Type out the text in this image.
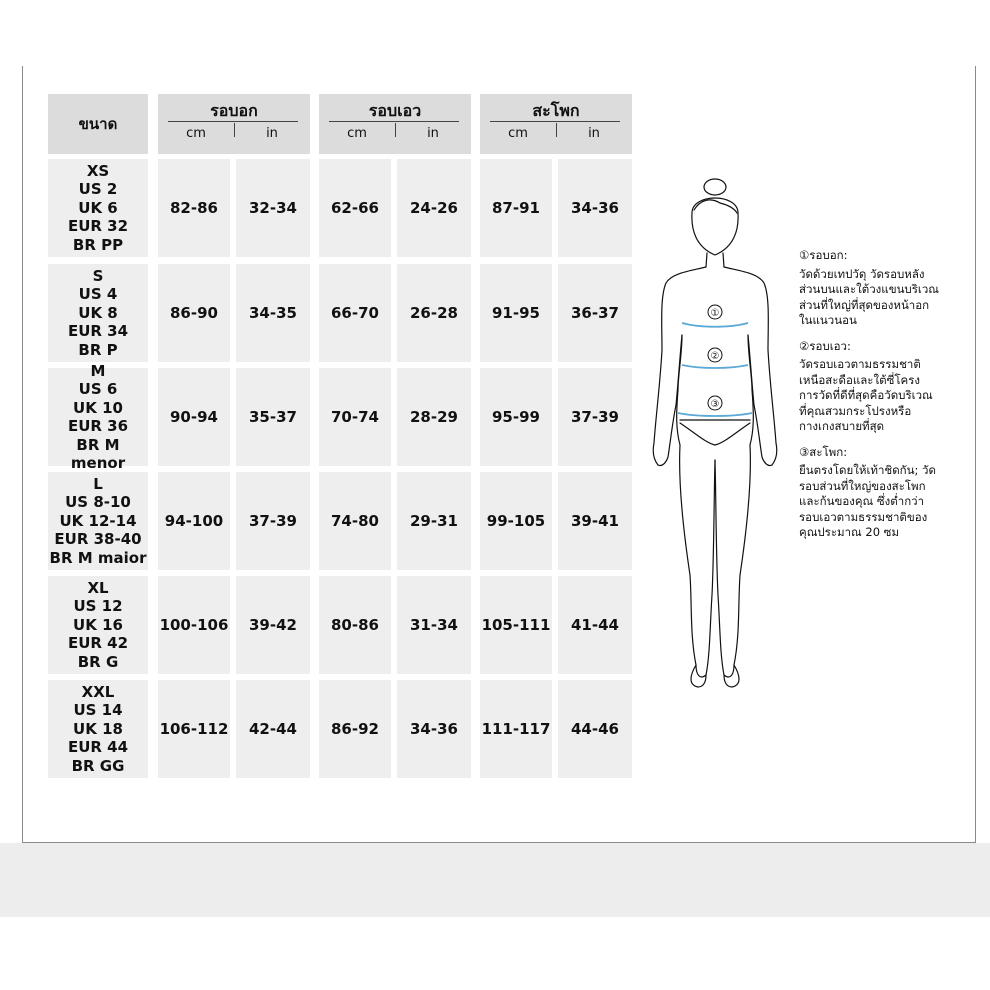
ขนาด
รอบอก
cm	in
รอบเอว
cm	in
สะโพก
cm	in
XS
US 2
UK 6
EUR 32
BR PP
82-86 32-34 62-66 24-26 87-91 34-36
S
US 4
UK 8
EUR 34
BR P
86-90 34-35 66-70 26-28 91-95 36-37
M
US 6
UK 10
EUR 36
BR M menor
90-94 35-37 70-74 28-29 95-99 37-39
L
US 8-10
UK 12-14
EUR 38-40
BR M maior
94-100 37-39 74-80 29-31 99-105 39-41
XL
US 12
UK 16
EUR 42
BR G
100-106 39-42 80-86 31-34 105-111 41-44
XXL
US 14
UK 18
EUR 44
BR GG
106-112 42-44 86-92 34-36 111-117 44-46
①
②
③
①รอบอก:
วัดด้วยเทปวัดุ วัดรอบหลัง
ส่วนบนและใต้วงแขนบริเวณ
ส่วนที่ใหญ่ที่สุดของหน้าอก
ในแนวนอน
②รอบเอว:
วัดรอบเอวตามธรรมชาติ
เหนือสะดือและใต้ซี่โครง
การวัดที่ดีที่สุดคือวัดบริเวณ
ที่คุณสวมกระโปรงหรือ
กางเกงสบายที่สุด
③สะโพก:
ยืนตรงโดยให้เท้าชิดกัน; วัด
รอบส่วนที่ใหญ่ของสะโพก
และก้นของคุณ ซึ่งต่ำกว่า
รอบเอวตามธรรมชาติของ
คุณประมาณ 20 ซม
